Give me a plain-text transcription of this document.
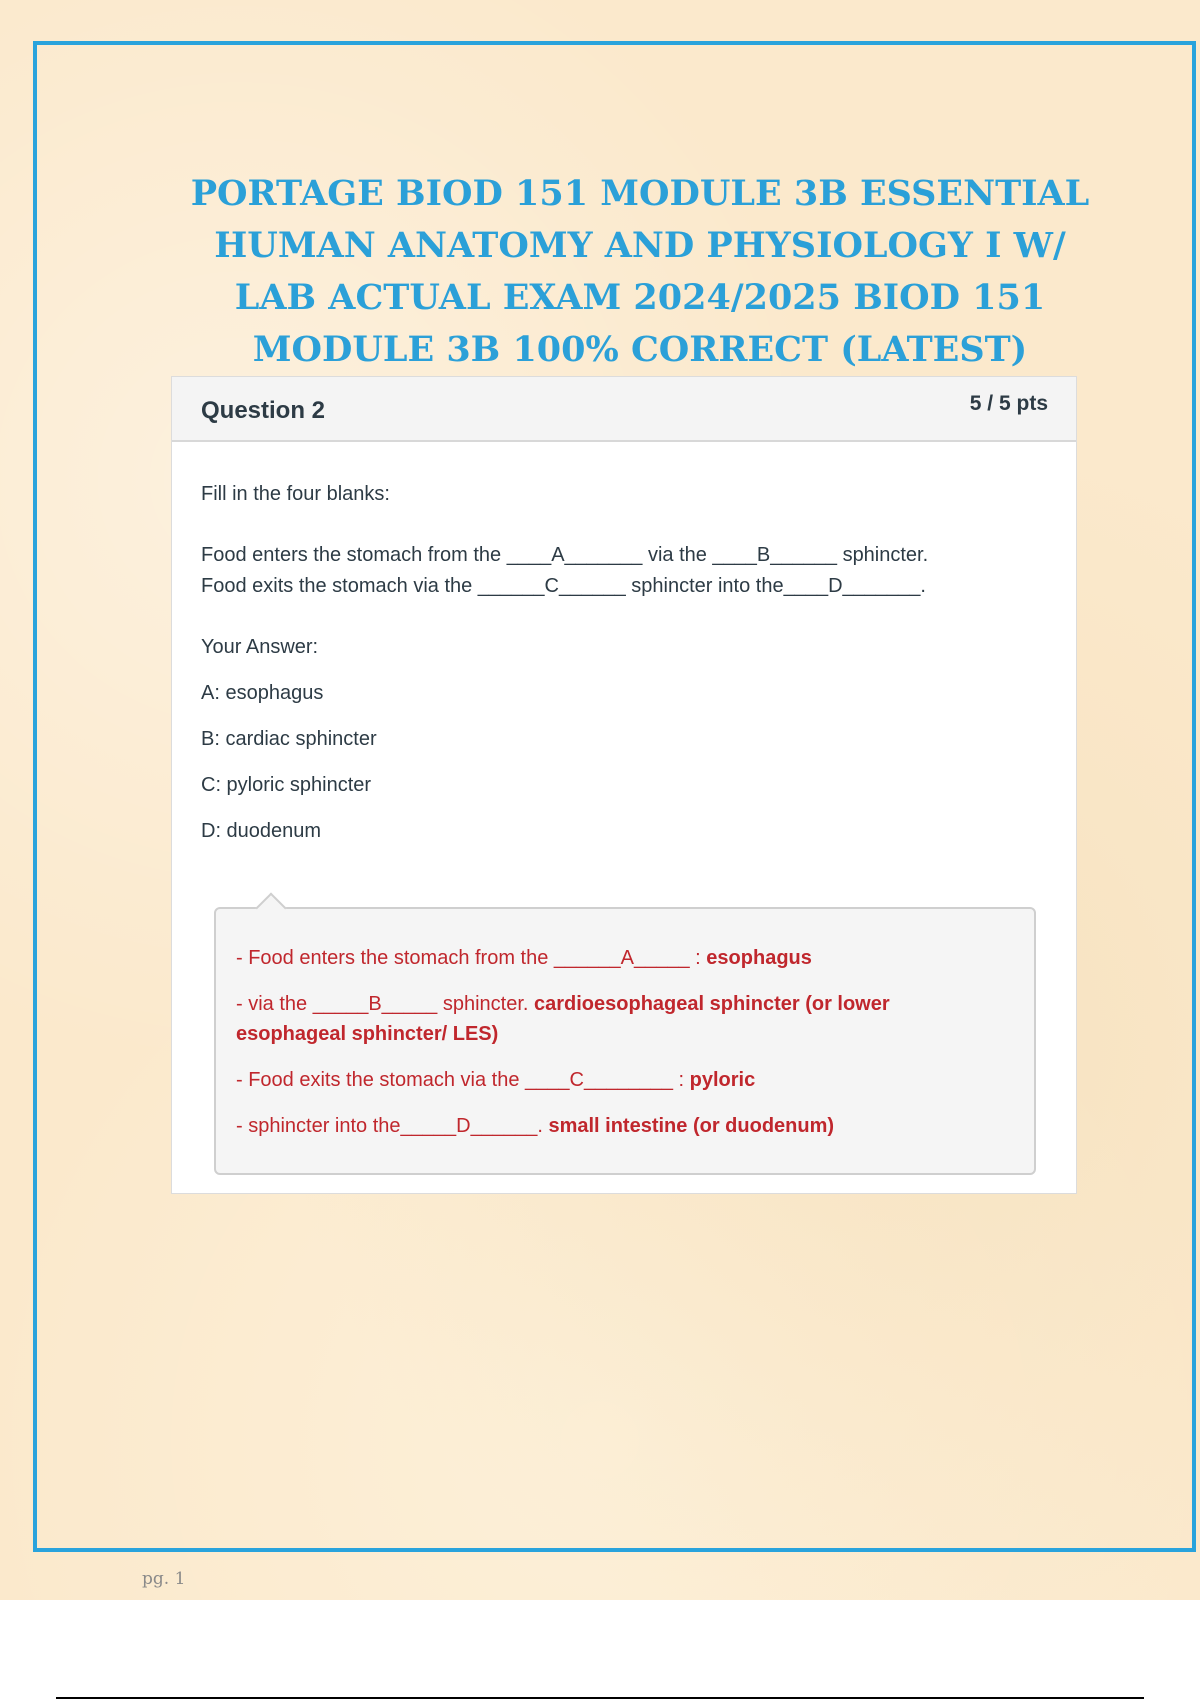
PORTAGE BIOD 151 MODULE 3B ESSENTIAL
HUMAN ANATOMY AND PHYSIOLOGY I W/
LAB ACTUAL EXAM 2024/2025 BIOD 151
MODULE 3B 100% CORRECT (LATEST)
Question 2	5 / 5 pts

Fill in the four blanks:

Food enters the stomach from the ____A_______ via the ____B______ sphincter.

Food exits the stomach via the ______C______ sphincter into the____D_______.

Your Answer:

A: esophagus

B: cardiac sphincter

C: pyloric sphincter

D: duodenum

- Food enters the stomach from the ______A_____ : esophagus

- via the _____B_____ sphincter. cardioesophageal sphincter (or lower
esophageal sphincter/ LES)

- Food exits the stomach via the ____C________ : pyloric

- sphincter into the_____D______. small intestine (or duodenum)

pg. 1
